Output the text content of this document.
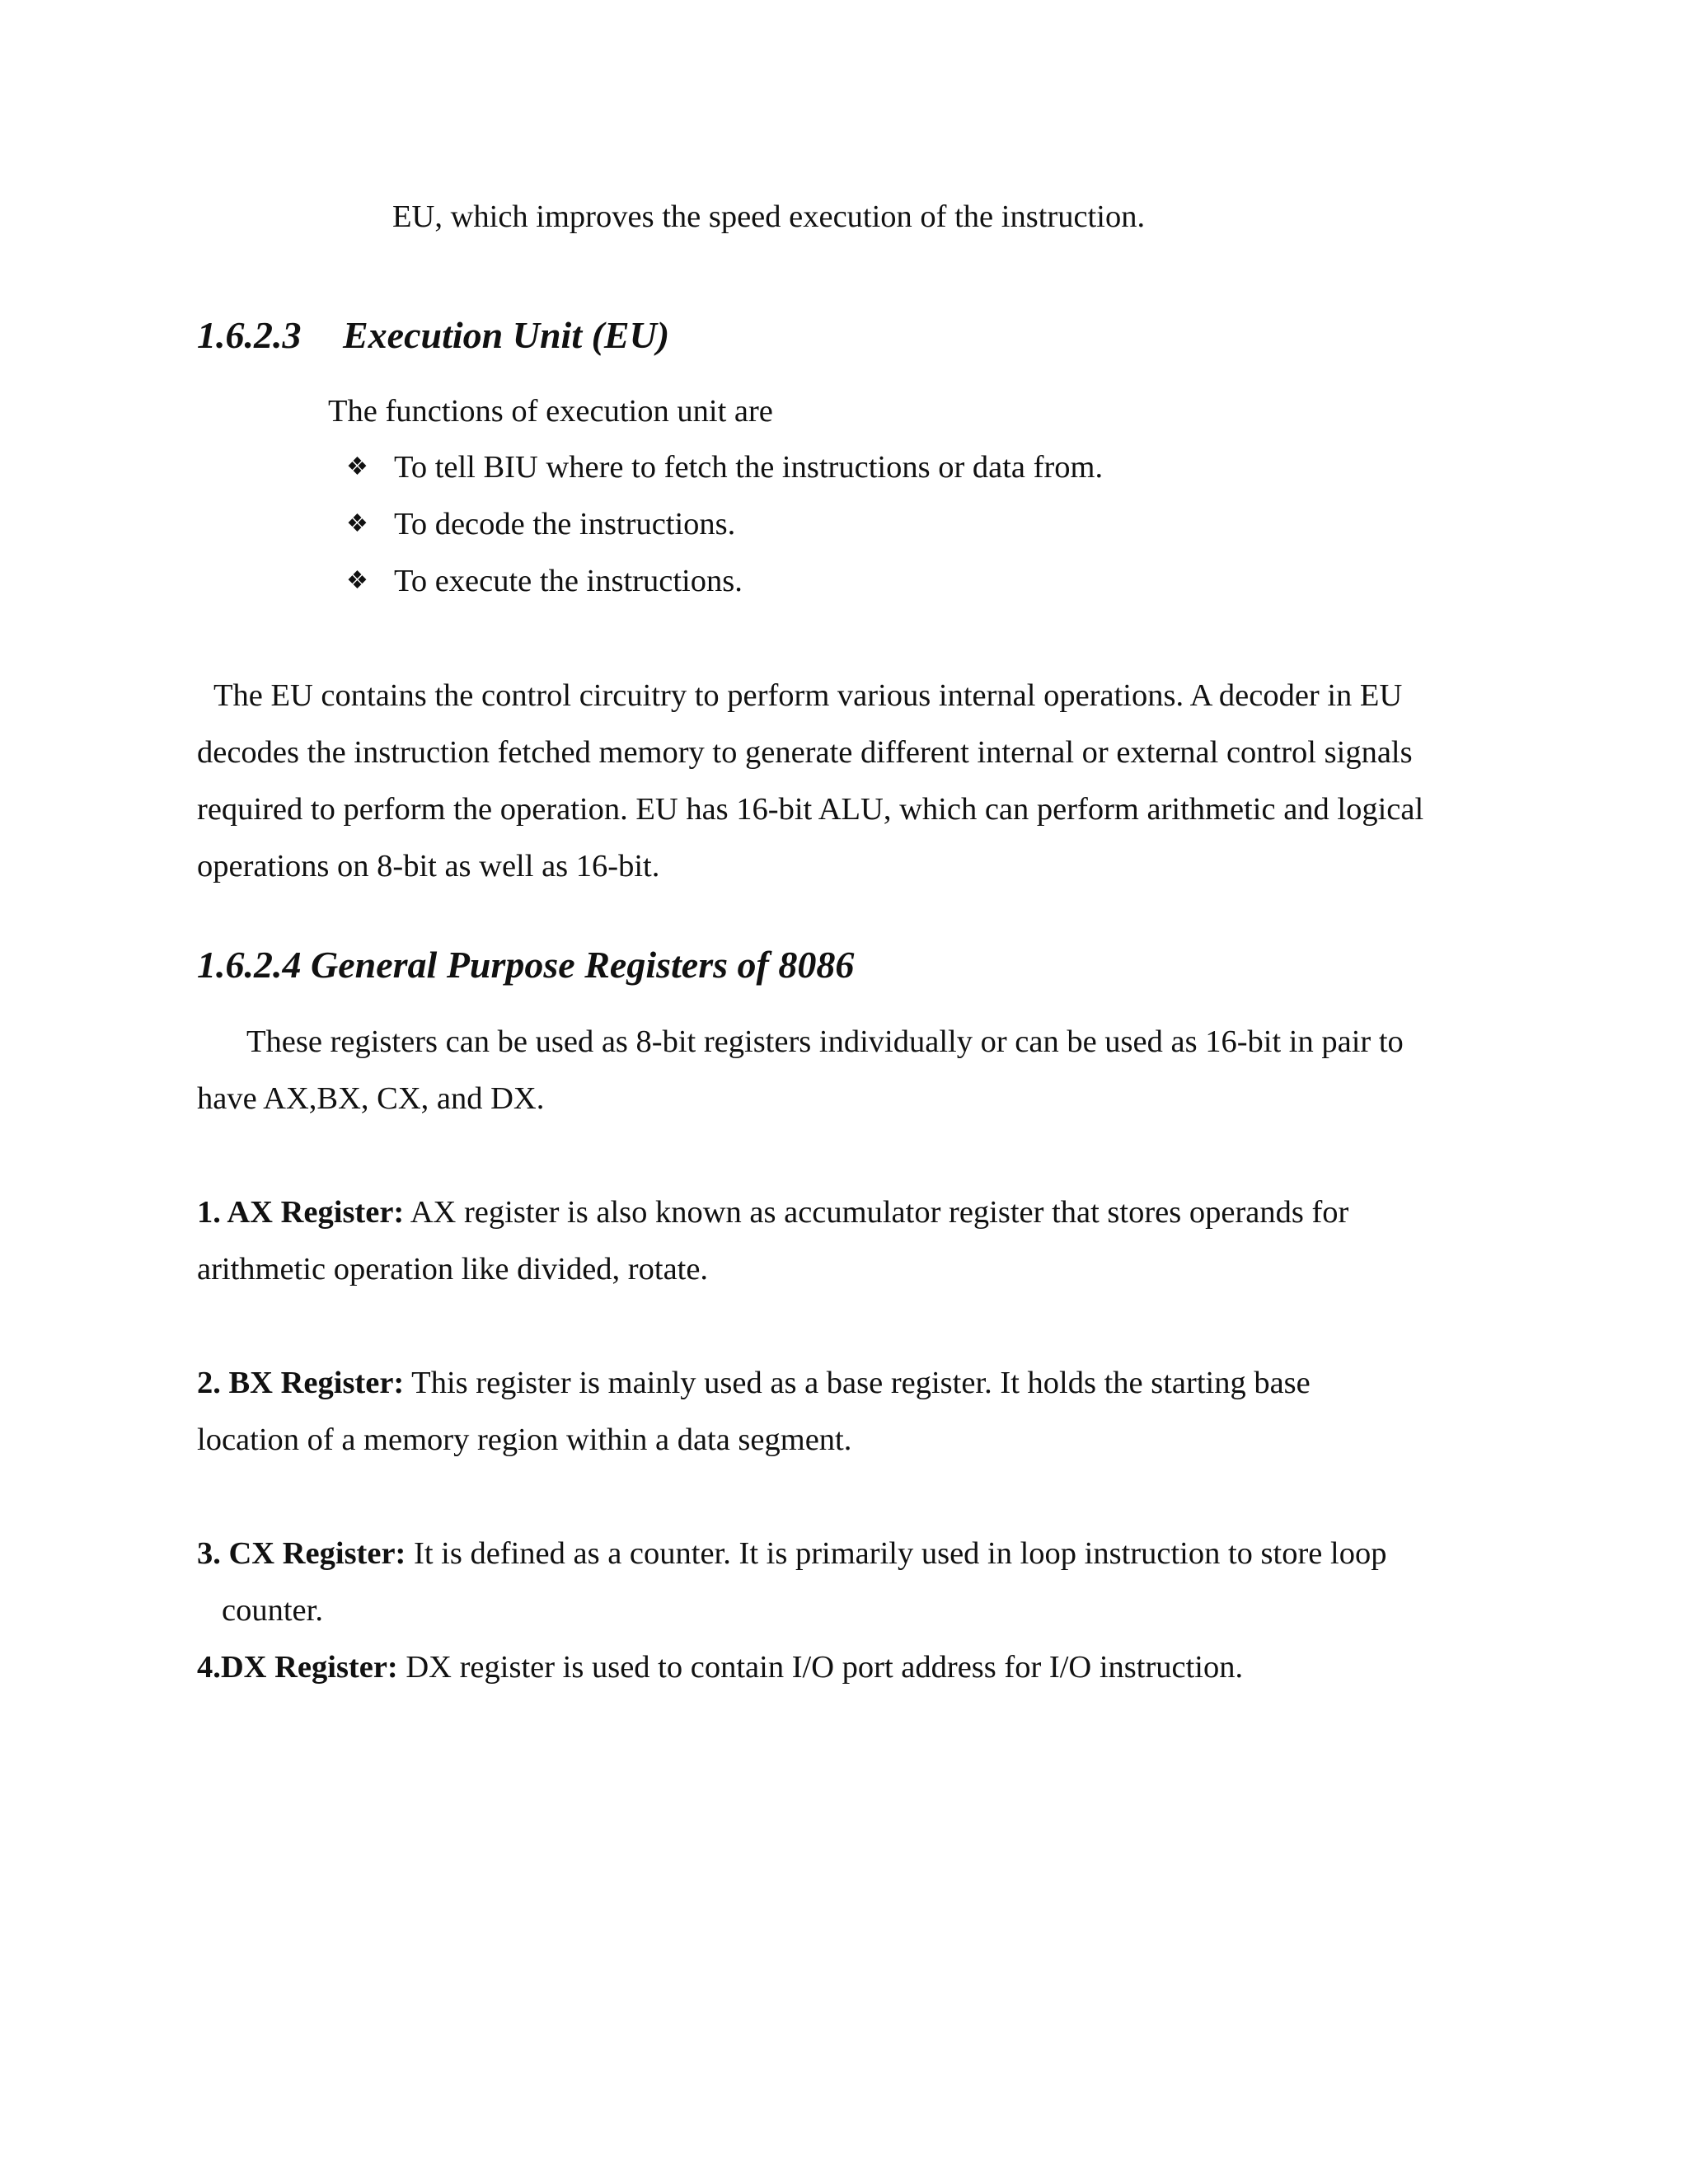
EU, which improves the speed execution of the instruction.
1.6.2.3 Execution Unit (EU)
The functions of execution unit are
❖ To tell BIU where to fetch the instructions or data from.
❖ To decode the instructions.
❖ To execute the instructions.
The EU contains the control circuitry to perform various internal operations. A decoder in EU
decodes the instruction fetched memory to generate different internal or external control signals
required to perform the operation. EU has 16-bit ALU, which can perform arithmetic and logical
operations on 8-bit as well as 16-bit.
1.6.2.4 General Purpose Registers of 8086
These registers can be used as 8-bit registers individually or can be used as 16-bit in pair to
have AX,BX, CX, and DX.
1. AX Register: AX register is also known as accumulator register that stores operands for
arithmetic operation like divided, rotate.
2. BX Register: This register is mainly used as a base register. It holds the starting base
location of a memory region within a data segment.
3. CX Register: It is defined as a counter. It is primarily used in loop instruction to store loop
counter.
4.DX Register: DX register is used to contain I/O port address for I/O instruction.
